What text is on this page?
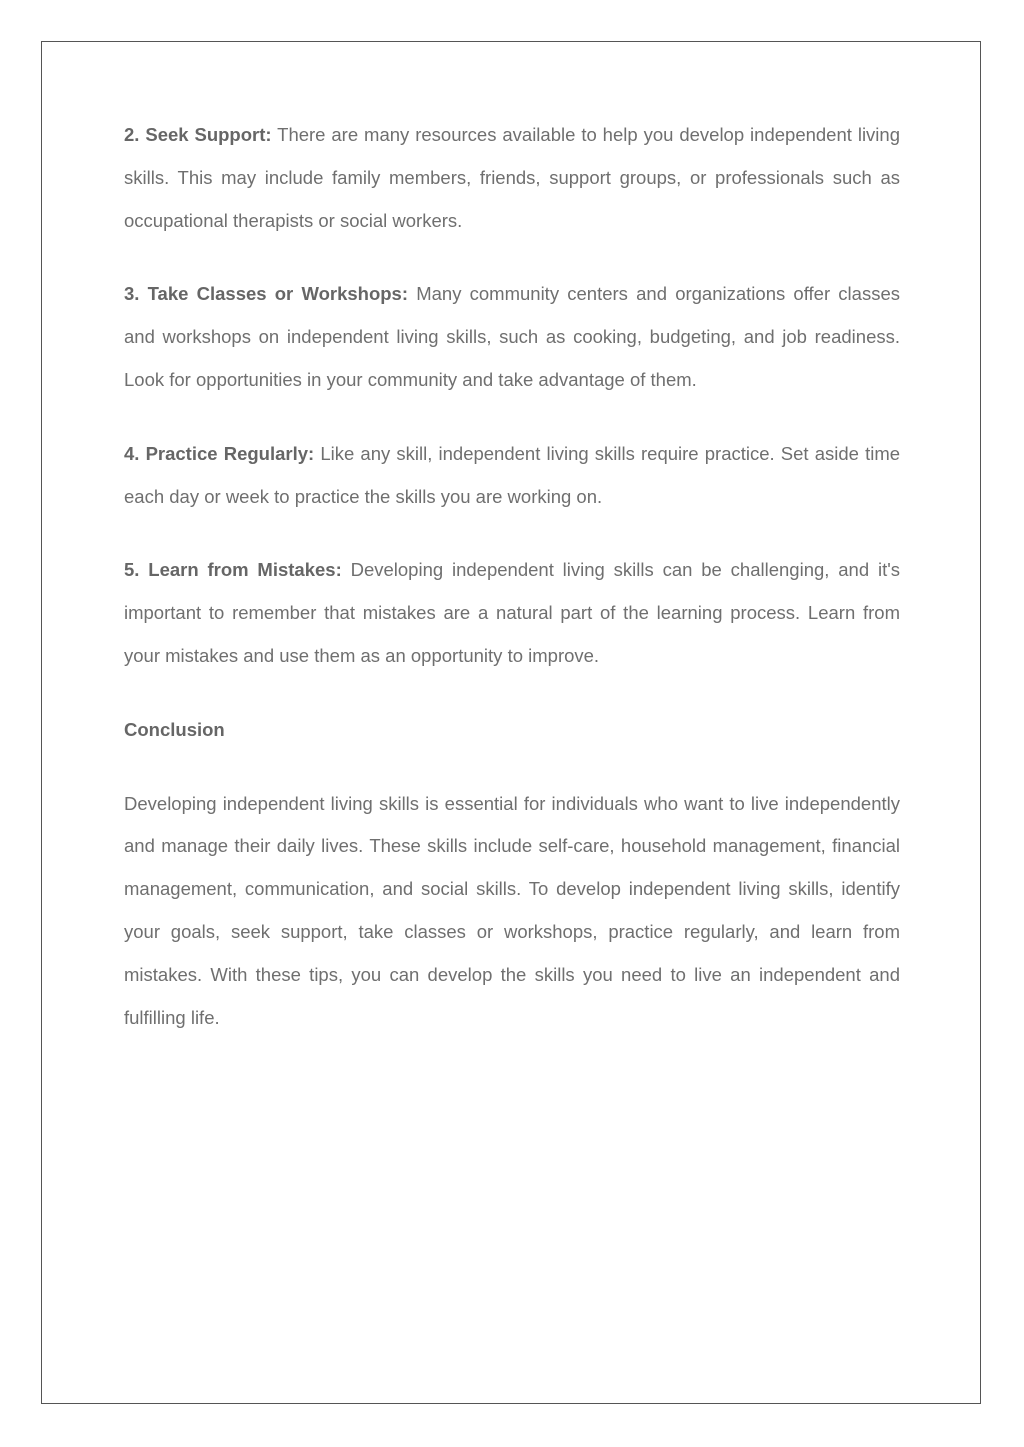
2. Seek Support: There are many resources available to help you develop independent living skills. This may include family members, friends, support groups, or professionals such as occupational therapists or social workers.

3. Take Classes or Workshops: Many community centers and organizations offer classes and workshops on independent living skills, such as cooking, budgeting, and job readiness. Look for opportunities in your community and take advantage of them.

4. Practice Regularly: Like any skill, independent living skills require practice. Set aside time each day or week to practice the skills you are working on.

5. Learn from Mistakes: Developing independent living skills can be challenging, and it's important to remember that mistakes are a natural part of the learning process. Learn from your mistakes and use them as an opportunity to improve.

Conclusion

Developing independent living skills is essential for individuals who want to live independently and manage their daily lives. These skills include self-care, household management, financial management, communication, and social skills. To develop independent living skills, identify your goals, seek support, take classes or workshops, practice regularly, and learn from mistakes. With these tips, you can develop the skills you need to live an independent and fulfilling life.
